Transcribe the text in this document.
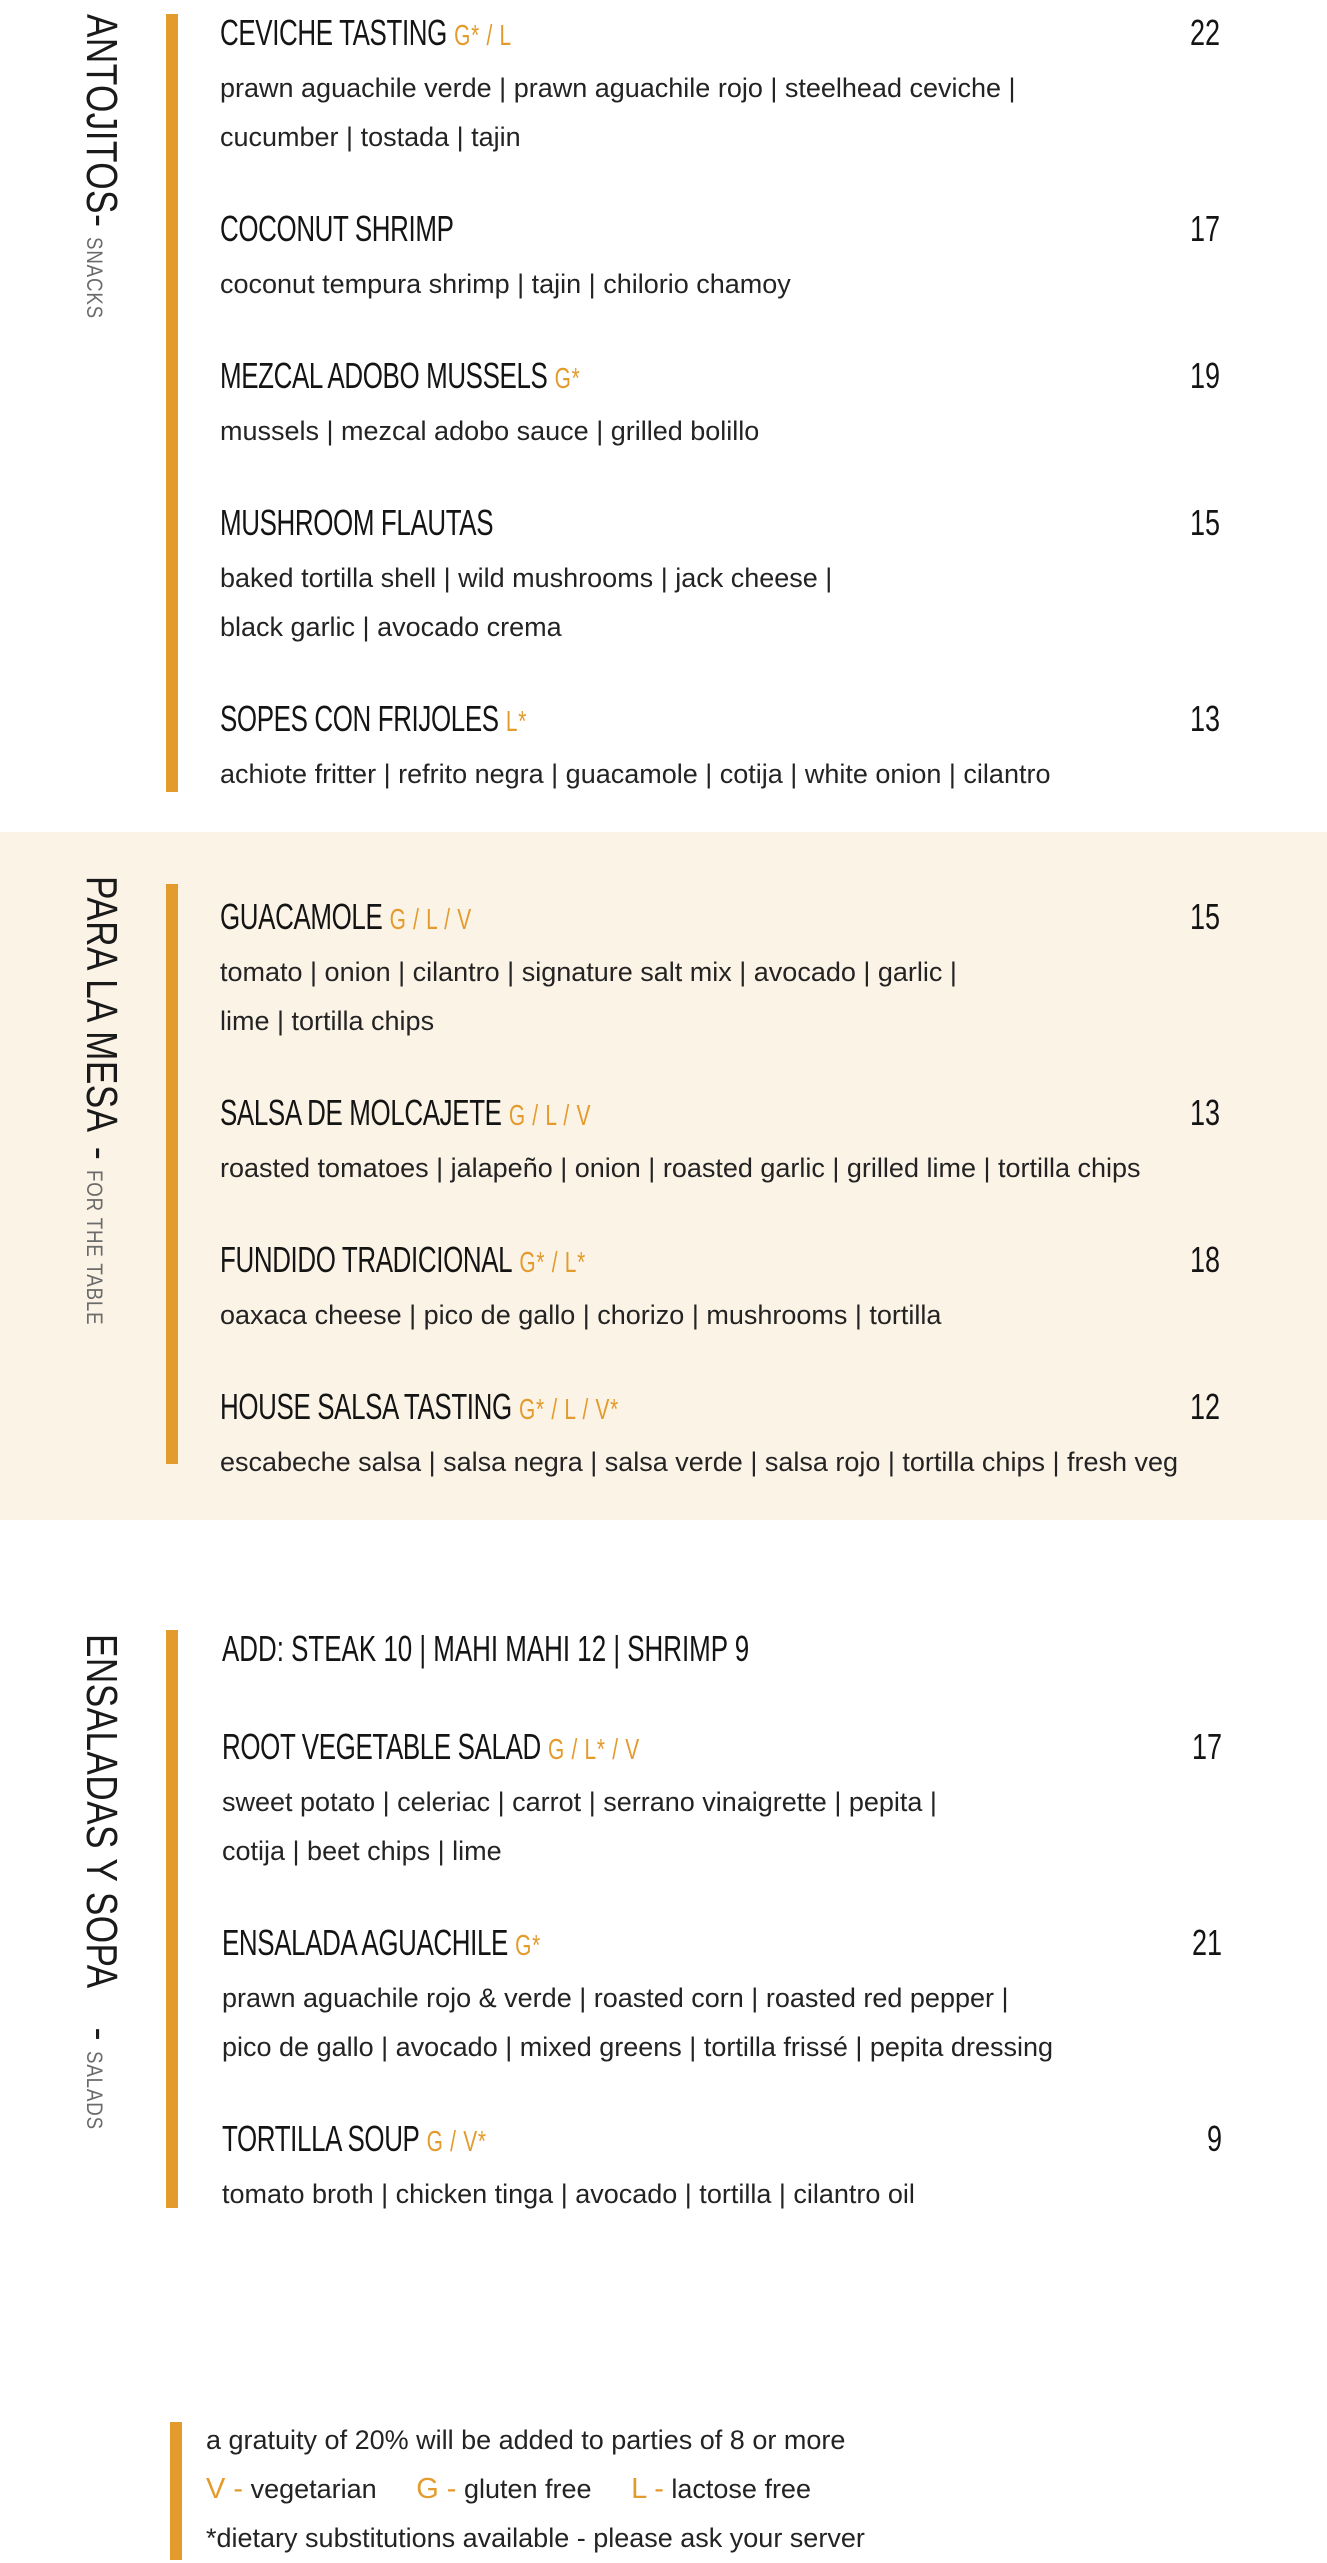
ANTOJITOS
-
SNACKS
CEVICHE TASTING G* / L	22
prawn aguachile verde | prawn aguachile rojo | steelhead ceviche |
cucumber | tostada | tajin
COCONUT SHRIMP	17
coconut tempura shrimp | tajin | chilorio chamoy
MEZCAL ADOBO MUSSELS G*	19
mussels | mezcal adobo sauce | grilled bolillo
MUSHROOM FLAUTAS	15
baked tortilla shell | wild mushrooms | jack cheese |
black garlic | avocado crema
SOPES CON FRIJOLES L*	13
achiote fritter | refrito negra | guacamole | cotija | white onion | cilantro
PARA LA MESA
-
FOR THE TABLE
GUACAMOLE G / L / V	15
tomato | onion | cilantro | signature salt mix | avocado | garlic |
lime | tortilla chips
SALSA DE MOLCAJETE G / L / V	13
roasted tomatoes | jalapeño | onion | roasted garlic | grilled lime | tortilla chips
FUNDIDO TRADICIONAL G* / L*	18
oaxaca cheese | pico de gallo | chorizo | mushrooms | tortilla
HOUSE SALSA TASTING G* / L / V*	12
escabeche salsa | salsa negra | salsa verde | salsa rojo | tortilla chips | fresh veg
ENSALADAS Y SOPA
-
SALADS
ADD: STEAK 10 | MAHI MAHI 12 | SHRIMP 9
ROOT VEGETABLE SALAD G / L* / V	17
sweet potato | celeriac | carrot | serrano vinaigrette | pepita |
cotija | beet chips | lime
ENSALADA AGUACHILE G*	21
prawn aguachile rojo & verde | roasted corn | roasted red pepper |
pico de gallo | avocado | mixed greens | tortilla frissé | pepita dressing
TORTILLA SOUP G / V*	9
tomato broth | chicken tinga | avocado | tortilla | cilantro oil
a gratuity of 20% will be added to parties of 8 or more
V - vegetarian G - gluten free L - lactose free
*dietary substitutions available - please ask your server
